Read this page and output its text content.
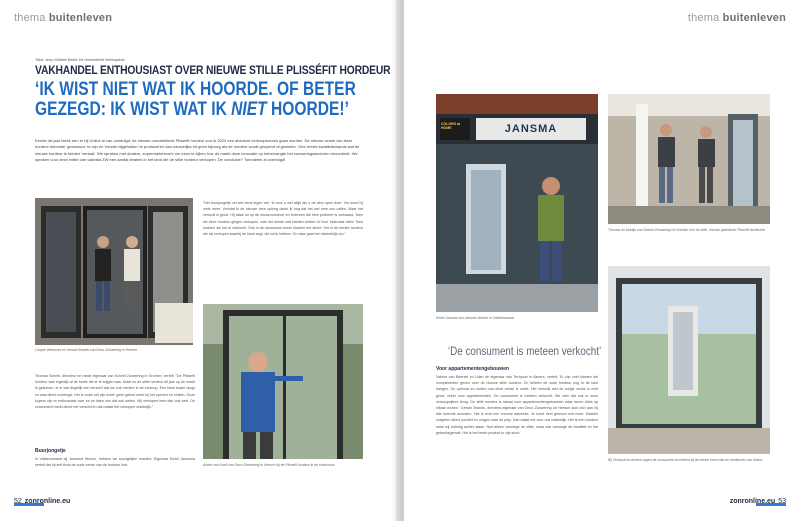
thema buitenleven
Tekst: Jerry Vollstein Beeld: De Hoeveelheid Verkoopdruk
VAKHANDEL ENTHOUSIAST OVER NIEUWE STILLE PLISSÉFIT HORDEUR
‘IK WIST NIET WAT IK HOORDE. OF BETER GEZEGD: IK WIST WAT IK NIET HOORDE!’
Eerder dit jaar bleek een er bij Unilux al van overtuigd: de nieuwe onrustbhinde Plissefit hordeur zou in 2024 een absoluut verkoopsucces gaan worden. De nieuwe versie van deze hordeur beloofde 'geruisloos' te zijn en 'minder bijgeluiden' te produceren dan nauwelijks tot geen bijvoeg als de hordeur wordt geopend of gesloten. Ons eerste kwaliteitsimpuls wat de nieuwe hordeur te bieden 'verlaat'. We spraken met dealers, supermarktrecent om eens te kijken hoe de markt deze innovatie op hebervangte het zonweringssectoren beoordeelt. We spraken voor deze editie van vakblad ZW een aantal dealers in het land die de stille hordeur verkopen. De conclusie? Toendelen al overtuigd!
Casper Wiesman en Gerwin Brands van Deco Zonwering in Heesch
"Het buurjongetje zei wel eens tegen me: 'Ik hoor u wel altijd als u de deur open doet.' Nu hoort hij niets meer. Voordat ik de nieuwe deur ophing dacht ik nog dat het wel mee zou vallen. Maar het verschil is groot. Hij staat nu op de showroomvloer en iedereen die hem probeert is verbaasd. Toen we deze hordeur gingen verkopen, was het eerste wat klanten zeiden: ik hoor helemaal niets! Toen hadden we het al verkocht. Ook in de showroom horen klanten het direct. Het is de eerste hordeur die wij verkopen waarbij de klant zegt: die wil ik hebben. En daar gaat het uiteindelijk om."
André van Hoek van Deco Zonwering in Heesch bij de Plissefit hordeur in de showroom
Thomas Schmit, directeur en mede-eigenaar van Schmit Zonwering in Gronten, vertelt: "De Plissefit hordeur was eigenlijk al de beste die er te krijgen was. Maar nu de stille hordeur dit jaar op de markt is gekomen, is er wel degelijk een verschil dat we ook merken in de verkoop. Een klant kwam langs en was direct overtuigd. Het is zoals het zijn moet: geen geluid meer bij het openen en sluiten. Onze kopers zijn er enthousiast over en ze laten ons dat ook weten. Wij verkopen hem dan ook veel. De consument merkt direct het verschil en dat maakt het verkopen makkelijk."
Buurjongetje
In Valkenswaard bij Janssma Wonen, hebben we soortgelijke reacties. Eigenaar Emiel Janssma vertelt dat hij zelf thuis de oude versie van de hordeur had.
52 zonronline.eu
thema buitenleven
JANSMA
COLORS at HOME
Emiel Jansma van Jansma Wonen in Valkenswaard
Thomas en Martijn van Schmit Zonwering uit Gronten met de stille, nieuwe geluidloze Plissefit hordeuren
Bij Techpoel in Almere zagen de consument al meteen bij de eerste keren dat de hordeuren van Unilux.
‘De consument is meteen verkocht’
Voor appartementengebouwen
Sabine van Beersel en Lilian de eigenaar van Techpoel in Almere, vertelt: 'Er zijn veel klanten die complimenten geven over de nieuwe stille hordeur. Ze hebben de oude hordeur nog in de kast hangen. De opbouw en sluiten van deze versie is uniek. Het verschil met de vorige versie is echt groot, zeker voor appartementen. De consument is meteen verkocht. We zien dat ook in onze verkoopcijfers terug. De stille hordeur is ideaal voor appartementengebouwen waar buren dicht op elkaar wonen.' Gerwin Brands, directeur-eigenaar van Deco Zonwering uit Heesch sluit zich aan bij alle lovende woorden. 'Het is echt een enorme aanwinst. Je hoort hem gewoon niet meer. Klanten reageren direct positief en vragen naar de prijs. Dat maakt het voor ons makkelijk. Het is een hordeur waar wij volledig achter staan. Niet alleen vanwege de stilte, maar ook vanwege de kwaliteit en het gebruiksgemak. Het is het beste product in zijn soort.'
zonronline.eu 53
